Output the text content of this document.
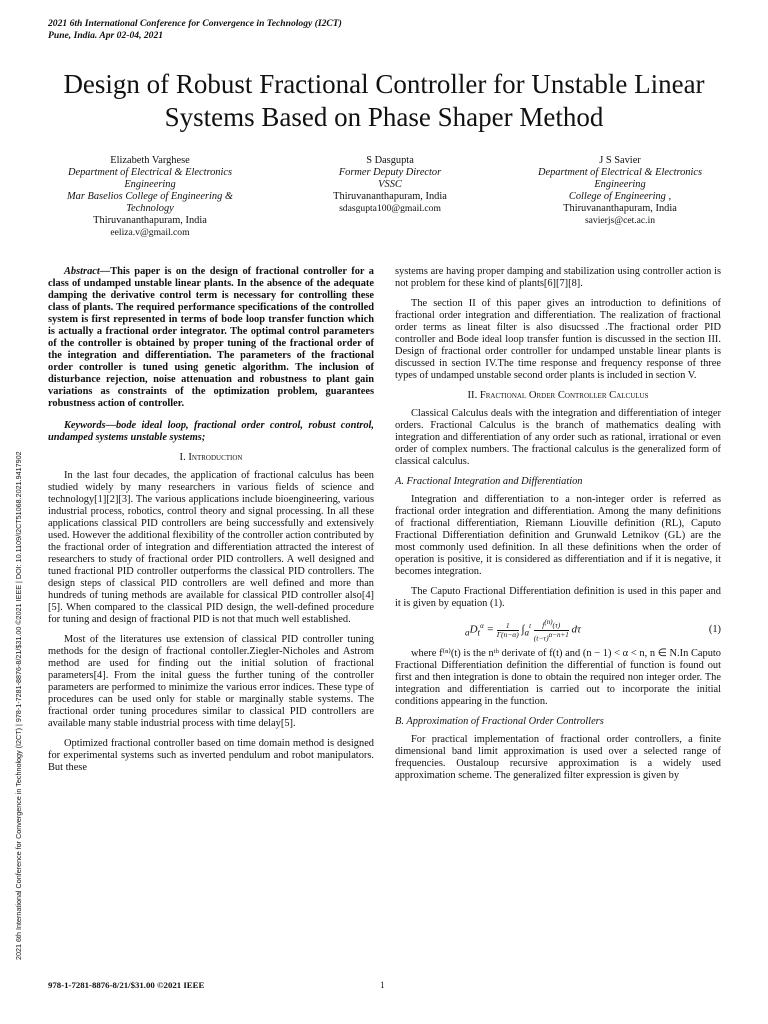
2021 6th International Conference for Convergence in Technology (I2CT)
Pune, India. Apr 02-04, 2021
Design of Robust Fractional Controller for Unstable Linear Systems Based on Phase Shaper Method
Elizabeth Varghese
Department of Electrical & Electronics Engineering
Mar Baselios College of Engineering & Technology
Thiruvananthapuram, India
eeliza.v@gmail.com
S Dasgupta
Former Deputy Director
VSSC
Thiruvananthapuram, India
sdasgupta100@gmail.com
J S Savier
Department of Electrical & Electronics Engineering
College of Engineering ,
Thiruvananthapuram, India
savierjs@cet.ac.in

Abstract—This paper is on the design of fractional controller for a class of undamped unstable linear plants. In the absence of the adequate damping the derivative control term is necessary for controlling these class of plants. The required performance specifications of the controlled system is first represented in terms of bode loop transfer function which is actually a fractional order integrator. The optimal control parameters of the controller is obtained by proper tuning of the fractional order of the integration and differentiation. The parameters of the fractional order controller is tuned using genetic algorithm. The inclusion of disturbance rejection, noise attenuation and robustness to plant gain variations as constraints of the optimization problem, guarantees robustness action of controller.

Keywords—bode ideal loop, fractional order control, robust control, undamped systems unstable systems;

I. Introduction

In the last four decades, the application of fractional calculus has been studied widely by many researchers in various fields of science and technology[1][2][3]. The various applications include bioengineering, various industrial process, robotics, control theory and signal processing. In all these applications classical PID controllers are being successfully and extensively used. However the additional flexibility of the controller action contributed by the fractional order of integration and differentiation attracted the interest of researchers to study of fractional order PID controllers. A well designed and tuned fractional PID controller outperforms the classical PID controllers. The design steps of classical PID controllers are well defined and more than hundreds of tuning methods are available for classical PID controller also[4][5]. When compared to the classical PID design, the well-defined procedure for tuning and design of fractional PID is not that much well established.

Most of the literatures use extension of classical PID controller tuning methods for the design of fractional contoller.Ziegler-Nicholes and Astrom method are used for finding out the initial solution of fractional parameters[4]. From the inital guess the further tuning of the controller parameters are performed to minimize the various error indices. These type of procedures can be used only for stable or marginally stable systems. The fractional order tuning procedures similar to classical PID controllers are available many stable industrial process with time delay[5].

Optimized fractional controller based on time domain method is designed for experimental systems such as inverted pendulum and robot manipulators. But these

systems are having proper damping and stabilization using controller action is not problem for these kind of plants[6][7][8].

The section II of this paper gives an introduction to definitions of fractional order integration and differentiation. The realization of fractional order terms as lineat filter is also disucssed .The fractional order PID controller and Bode ideal loop transfer funtion is discussed in the section III. Design of fractional order controller for undamped unstable linear plants is discussed in section IV.The time response and frequency response of three types of undamped unstable second order plants is included in section V.

II. Fractional Order Controller Calculus

Classical Calculus deals with the integration and differentiation of integer orders. Fractional Calculus is the branch of mathematics dealing with integration and differentiation of any order such as rational, irrational or even order of complex numbers. The fractional calculus is the generalized form of classical calculus.

A. Fractional Integration and Differentiation

Integration and differentiation to a non-integer order is referred as fractional order integration and differentiation. Among the many definitions of fractional differentiation, Riemann Liouville definition (RL), Caputo Fractional Differentiation definition and Grunwald Letnikov (GL) are the most commonly used definition. In all these definitions when the order of operation is positive, it is considered as differentiation and if it is negative, it becomes integration.

The Caputo Fractional Differentiation definition is used in this paper and it is given by equation (1).

$_aD_t^\alpha = \frac{1}{\Gamma(n-\alpha)} \int_a^t \frac{f^{(n)}(\tau)}{(t-\tau)^{\alpha-n+1}}$ dτ	(1)

where f⁽ⁿ⁾(t) is the nᵗʰ derivate of f(t) and (n − 1) < α < n, n ∈ N.In Caputo Fractional Differentiation definition the differential of function is found out first and then integration is done to obtain the required non integer order. The integration and differentiation is carried out to incorporate the initial conditions appearing in the function.

B. Approximation of Fractional Order Controllers

For practical implementation of fractional order controllers, a finite dimensional band limit approximation is used over a selected range of frequencies. Oustaloup recursive approximation is a widely used approximation scheme. The generalized filter expression is given by

2021 6th International Conference for Convergence in Technology (I2CT) | 978-1-7281-8876-8/21/$31.00 ©2021 IEEE | DOI: 10.1109/I2CT51068.2021.9417902
978-1-7281-8876-8/21/$31.00 ©2021 IEEE	1
